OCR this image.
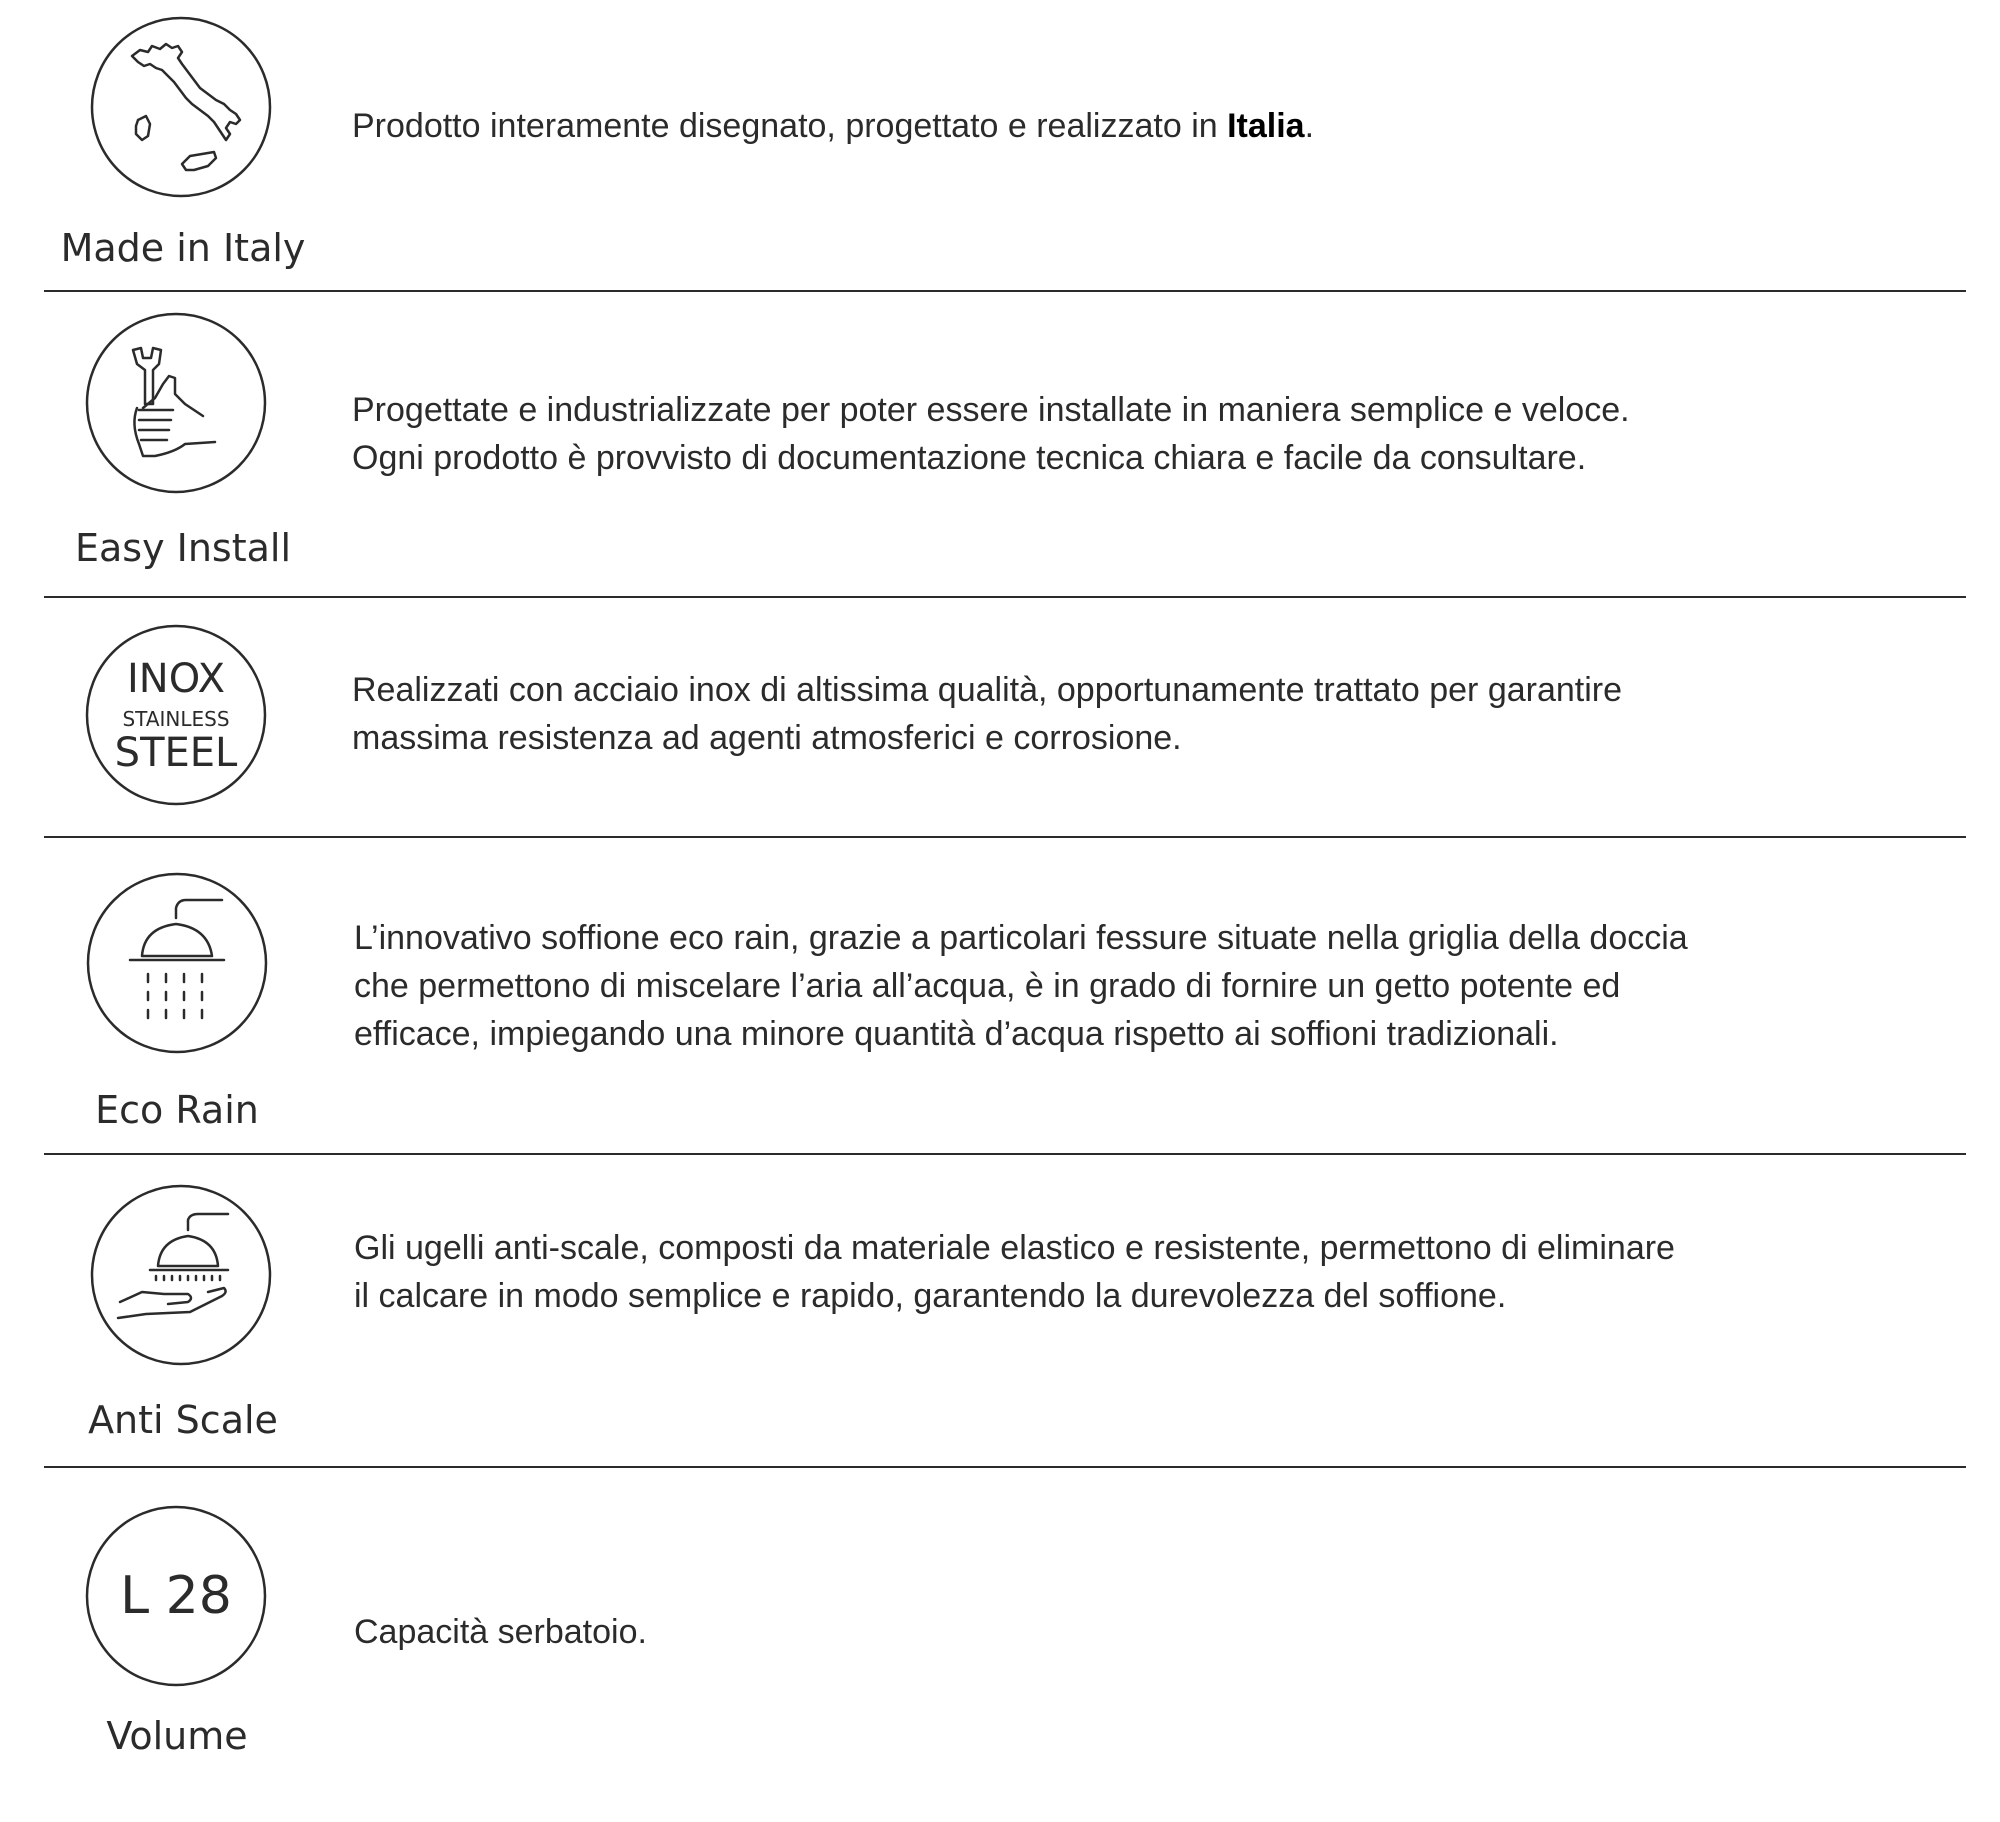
Made in Italy

Prodotto interamente disegnato, progettato e realizzato in Italia.

Easy Install

Progettate e industrializzate per poter essere installate in maniera semplice e veloce.
Ogni prodotto è provvisto di documentazione tecnica chiara e facile da consultare.

INOX
STAINLESS
STEEL

Realizzati con acciaio inox di altissima qualità, opportunamente trattato per garantire
massima resistenza ad agenti atmosferici e corrosione.

Eco Rain

L’innovativo soffione eco rain, grazie a particolari fessure situate nella griglia della doccia
che permettono di miscelare l’aria all’acqua, è in grado di fornire un getto potente ed
efficace, impiegando una minore quantità d’acqua rispetto ai soffioni tradizionali.

Anti Scale

Gli ugelli anti-scale, composti da materiale elastico e resistente, permettono di eliminare
il calcare in modo semplice e rapido, garantendo la durevolezza del soffione.

L 28
Volume

Capacità serbatoio.
